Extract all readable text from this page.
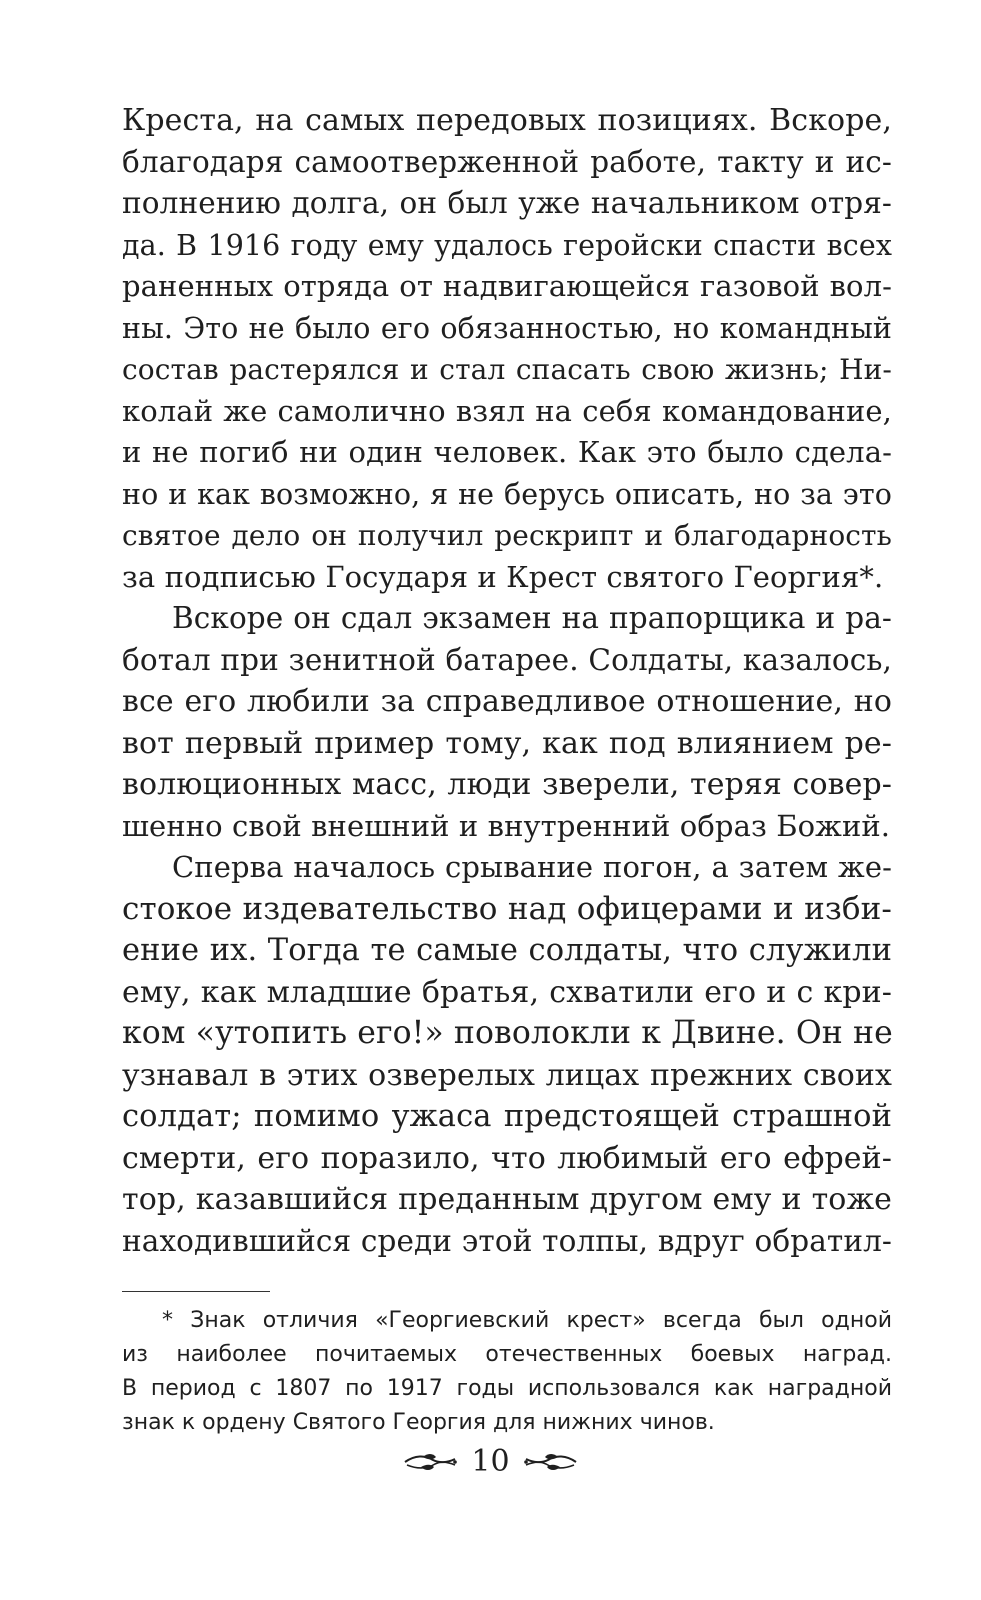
Креста, на самых передовых позициях. Вскоре,
благодаря самоотверженной работе, такту и ис-
полнению долга, он был уже начальником отря-
да. В 1916 году ему удалось геройски спасти всех
раненных отряда от надвигающейся газовой вол-
ны. Это не было его обязанностью, но командный
состав растерялся и стал спасать свою жизнь; Ни-
колай же самолично взял на себя командование,
и не погиб ни один человек. Как это было сдела-
но и как возможно, я не берусь описать, но за это
святое дело он получил рескрипт и благодарность
за подписью Государя и Крест святого Георгия*.
Вскоре он сдал экзамен на прапорщика и ра-
ботал при зенитной батарее. Солдаты, казалось,
все его любили за справедливое отношение, но
вот первый пример тому, как под влиянием ре-
волюционных масс, люди зверели, теряя совер-
шенно свой внешний и внутренний образ Божий.
Сперва началось срывание погон, а затем же-
стокое издевательство над офицерами и изби-
ение их. Тогда те самые солдаты, что служили
ему, как младшие братья, схватили его и с кри-
ком «утопить его!» поволокли к Двине. Он не
узнавал в этих озверелых лицах прежних своих
солдат; помимо ужаса предстоящей страшной
смерти, его поразило, что любимый его ефрей-
тор, казавшийся преданным другом ему и тоже
находившийся среди этой толпы, вдруг обратил-
* Знак отличия «Георгиевский крест» всегда был одной
из наиболее почитаемых отечественных боевых наград.
В период с 1807 по 1917 годы использовался как наградной
знак к ордену Святого Георгия для нижних чинов.
10
